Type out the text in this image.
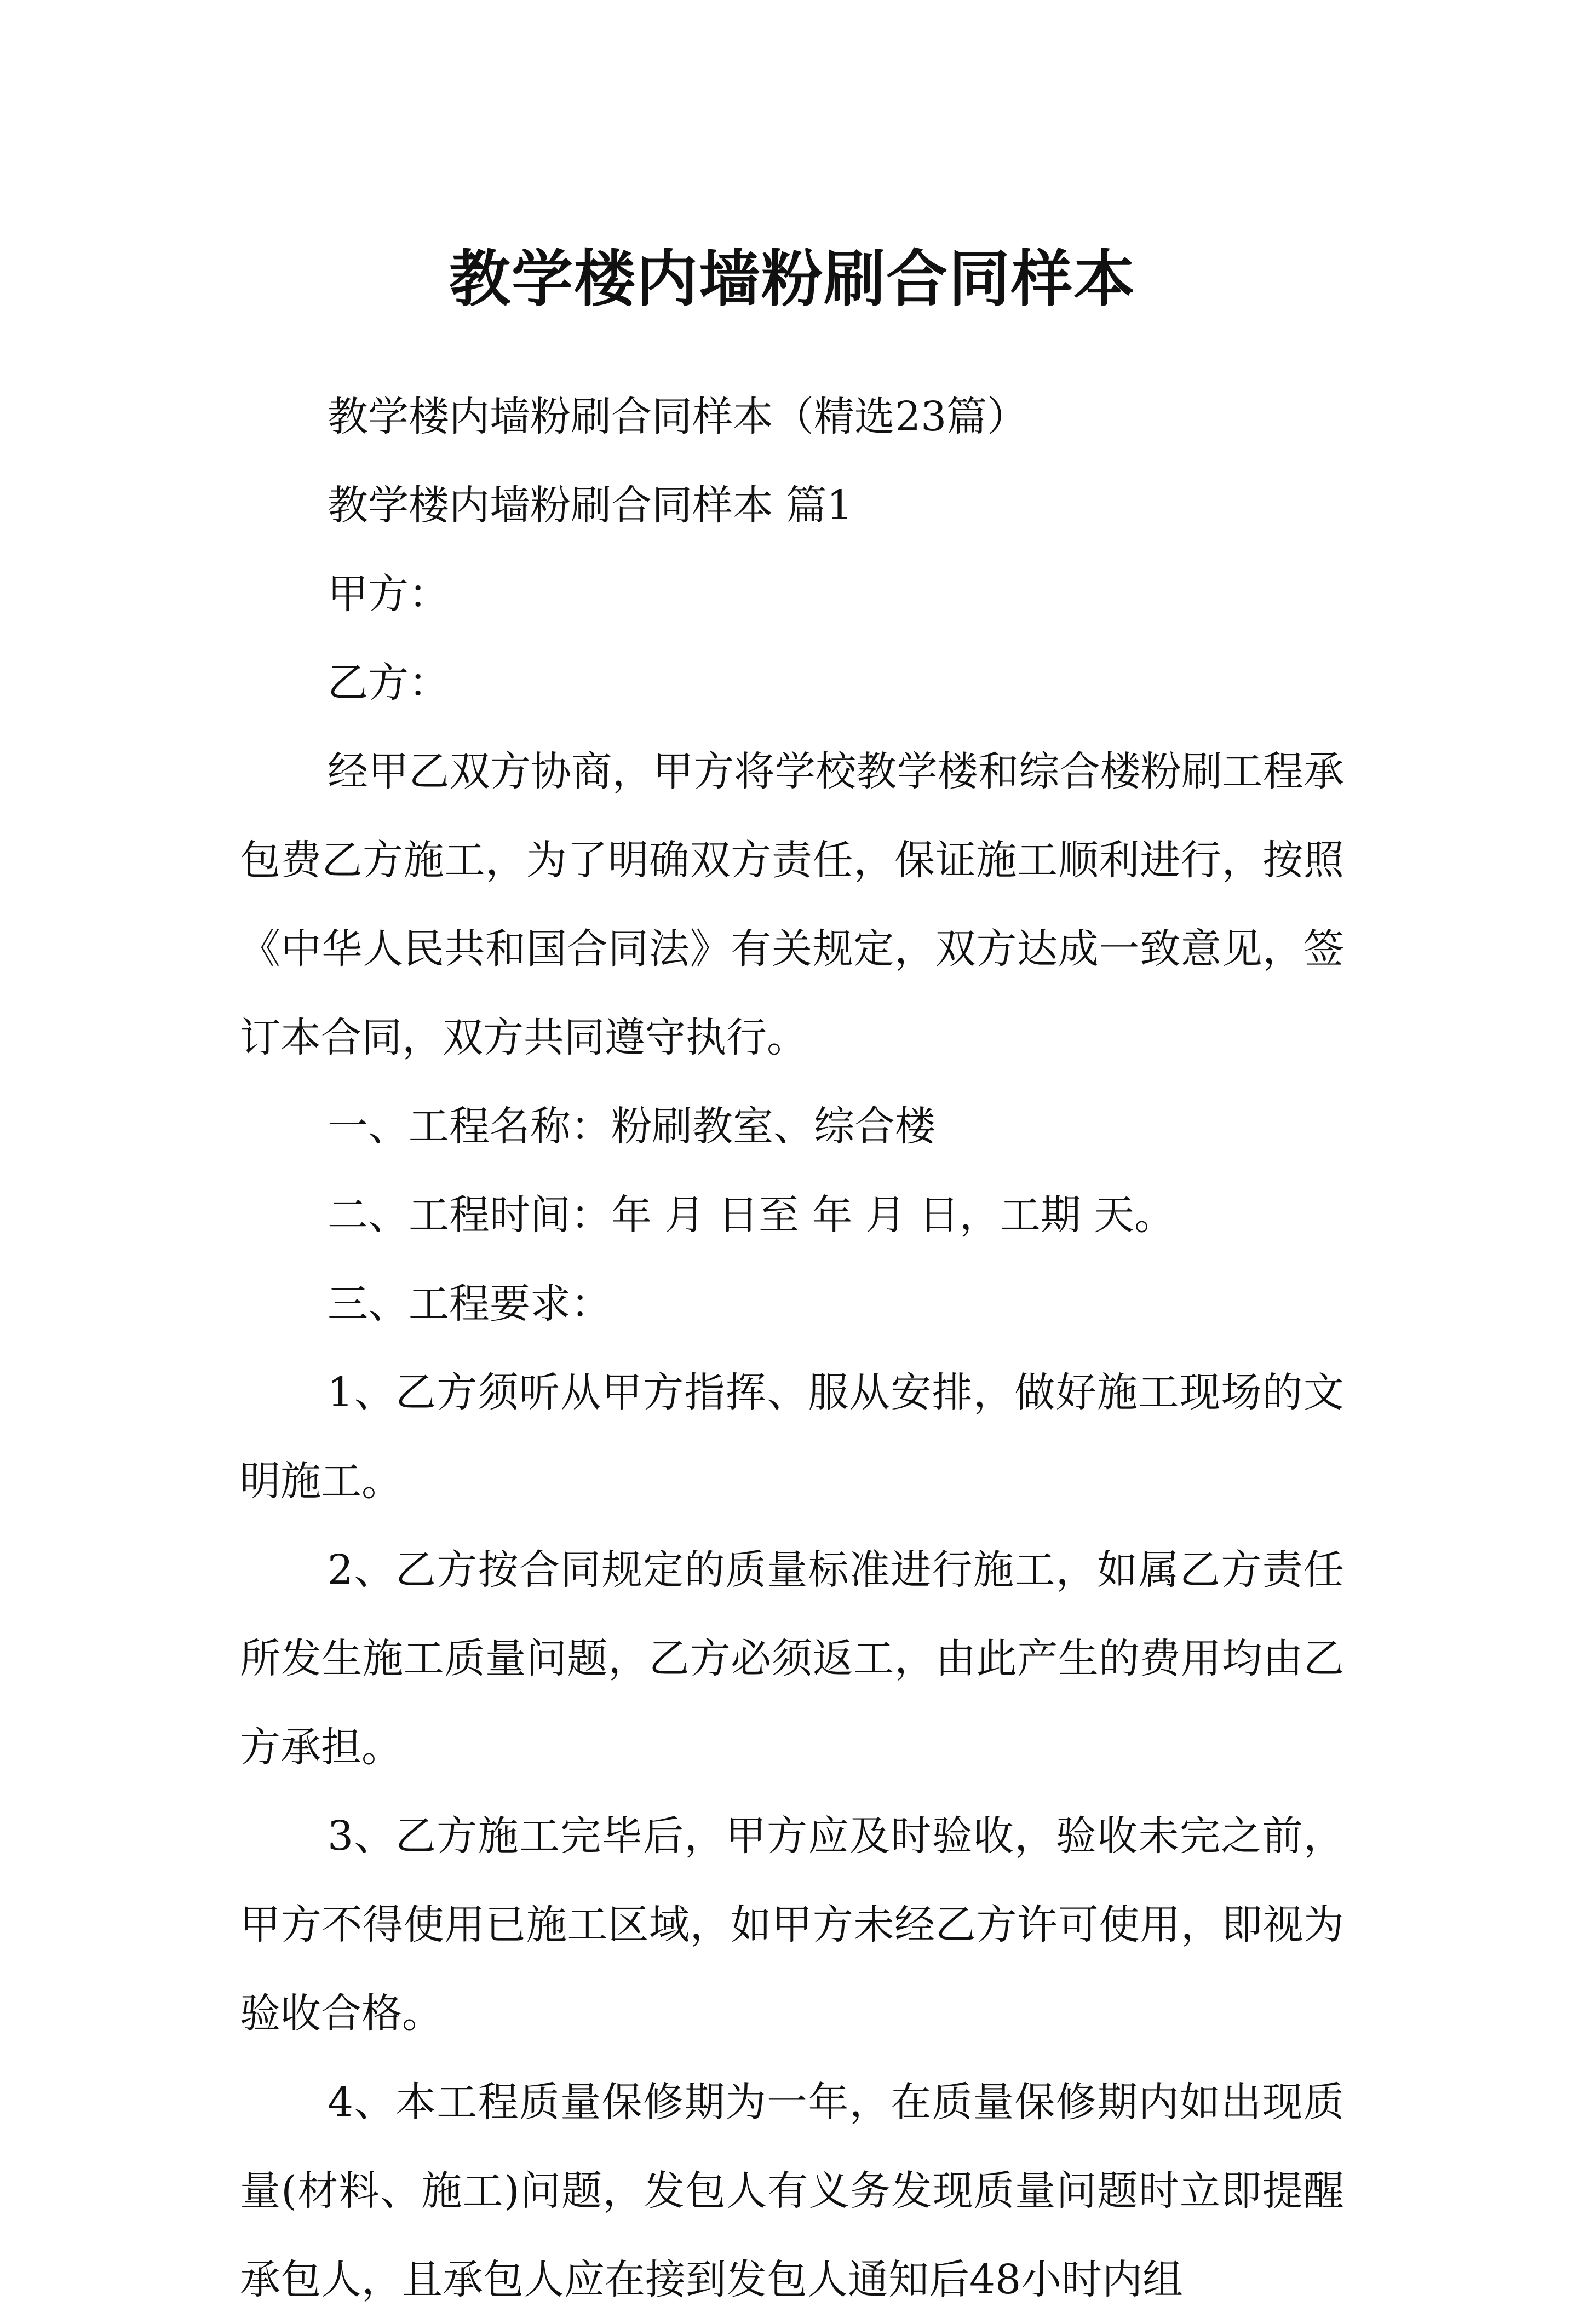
教学楼内墙粉刷合同样本

教学楼内墙粉刷合同样本（精选23篇）

教学楼内墙粉刷合同样本 篇1

甲方：

乙方：

经甲乙双方协商，甲方将学校教学楼和综合楼粉刷工程承包费乙方施工，为了明确双方责任，保证施工顺利进行，按照《中华人民共和国合同法》有关规定，双方达成一致意见，签订本合同，双方共同遵守执行。

一、工程名称：粉刷教室、综合楼

二、工程时间：年 月 日至 年 月 日，工期 天。

三、工程要求：

1、乙方须听从甲方指挥、服从安排，做好施工现场的文明施工。

2、乙方按合同规定的质量标准进行施工，如属乙方责任所发生施工质量问题，乙方必须返工，由此产生的费用均由乙方承担。

3、乙方施工完毕后，甲方应及时验收，验收未完之前，甲方不得使用已施工区域，如甲方未经乙方许可使用，即视为验收合格。

4、本工程质量保修期为一年，在质量保修期内如出现质量(材料、施工)问题，发包人有义务发现质量问题时立即提醒承包人，且承包人应在接到发包人通知后48小时内组
